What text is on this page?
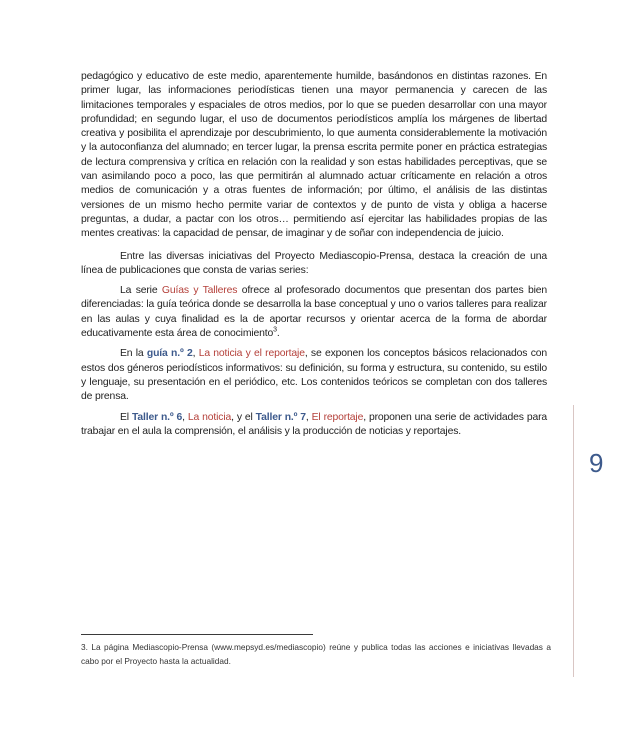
pedagógico y educativo de este medio, aparentemente humilde, basándonos en distintas razones. En primer lugar, las informaciones periodísticas tienen una mayor permanencia y carecen de las limitaciones temporales y espaciales de otros medios, por lo que se pueden desarrollar con una mayor profundidad; en segundo lugar, el uso de documentos periodísticos amplía los márgenes de libertad creativa y posibilita el aprendizaje por descubrimiento, lo que aumenta considerablemente la motivación y la autoconfianza del alumnado; en tercer lugar, la prensa escrita permite poner en práctica estrategias de lectura comprensiva y crítica en relación con la realidad y son estas habilidades perceptivas, que se van asimilando poco a poco, las que permitirán al alumnado actuar críticamente en relación a otros medios de comunicación y a otras fuentes de información; por último, el análisis de las distintas versiones de un mismo hecho permite variar de contextos y de punto de vista y obliga a hacerse preguntas, a dudar, a pactar con los otros… permitiendo así ejercitar las habilidades propias de las mentes creativas: la capacidad de pensar, de imaginar y de soñar con independencia de juicio.

Entre las diversas iniciativas del Proyecto Mediascopio-Prensa, destaca la creación de una línea de publicaciones que consta de varias series:

La serie Guías y Talleres ofrece al profesorado documentos que presentan dos partes bien diferenciadas: la guía teórica donde se desarrolla la base conceptual y uno o varios talleres para realizar en las aulas y cuya finalidad es la de aportar recursos y orientar acerca de la forma de abordar educativamente esta área de conocimiento$^3$.

En la guía n.º 2, La noticia y el reportaje, se exponen los conceptos básicos relacionados con estos dos géneros periodísticos informativos: su definición, su forma y estructura, su contenido, su estilo y lenguaje, su presentación en el periódico, etc. Los contenidos teóricos se completan con dos talleres de prensa.

El Taller n.º 6, La noticia, y el Taller n.º 7, El reportaje, proponen una serie de actividades para trabajar en el aula la comprensión, el análisis y la producción de noticias y reportajes.

9
3. La página Mediascopio-Prensa (www.mepsyd.es/mediascopio) reúne y publica todas las acciones e iniciativas llevadas a cabo por el Proyecto hasta la actualidad.
